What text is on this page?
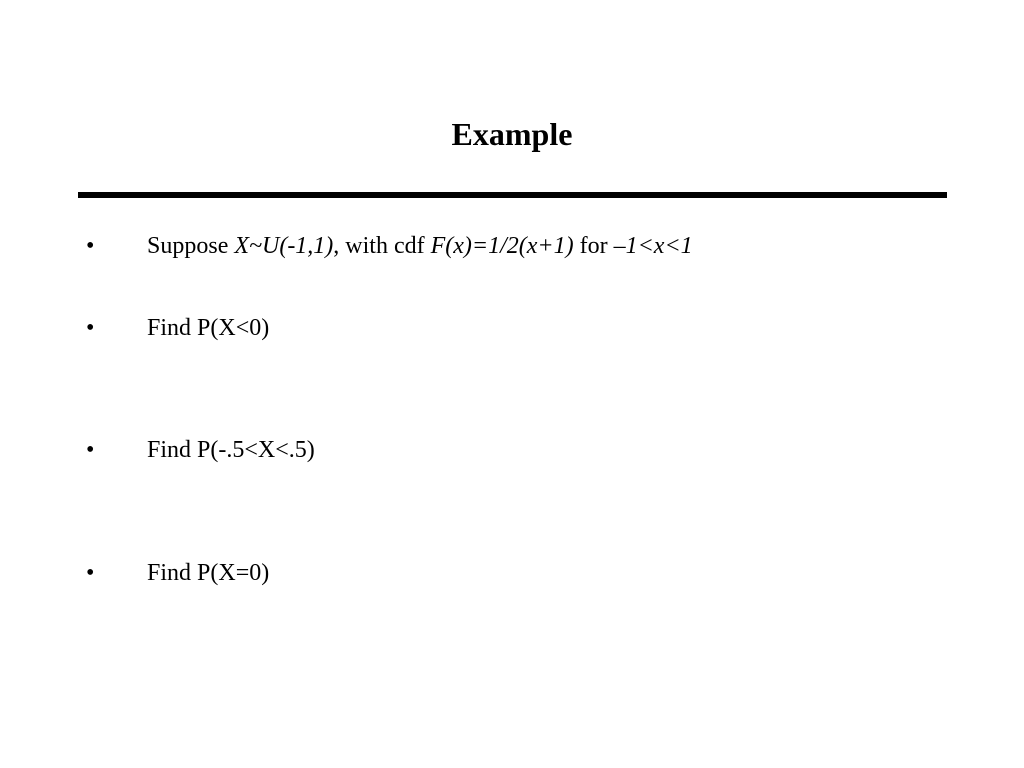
Example
• Suppose X~U(-1,1), with cdf F(x)=1/2(x+1) for –1<x<1
• Find P(X<0)
• Find P(-.5<X<.5)
• Find P(X=0)
